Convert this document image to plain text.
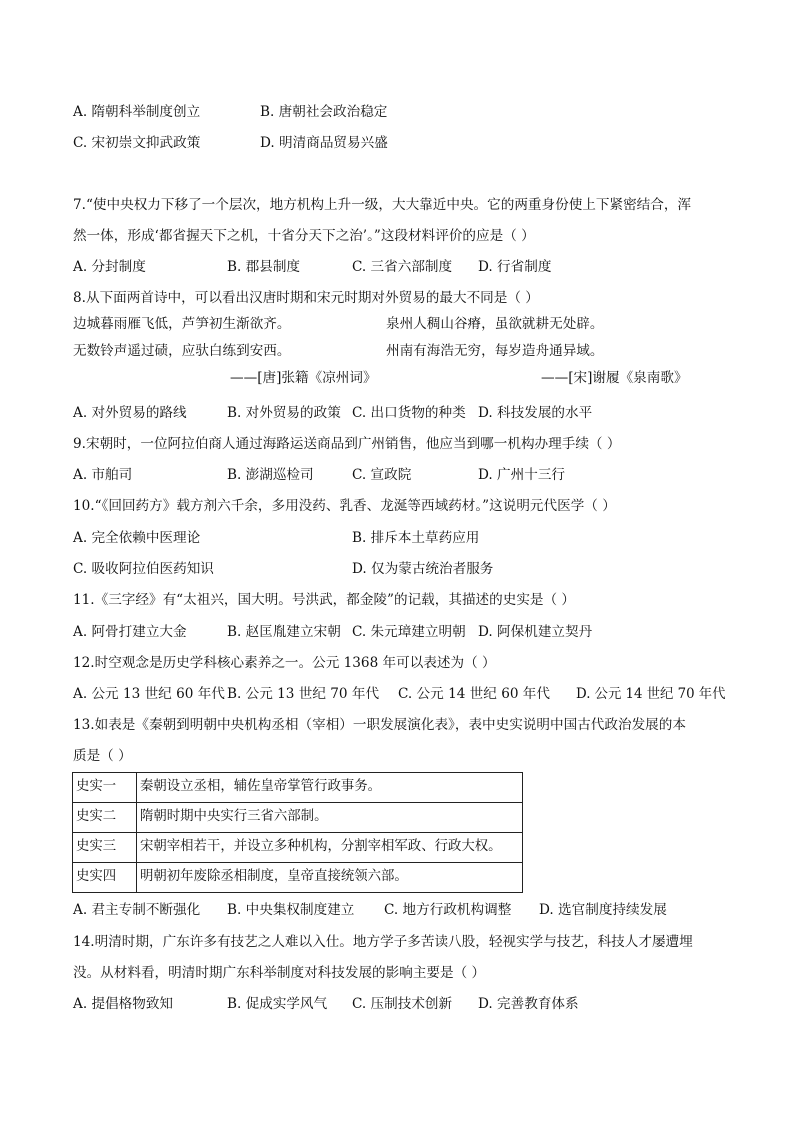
A. 隋朝科举制度创立	B. 唐朝社会政治稳定
C. 宋初崇文抑武政策	D. 明清商品贸易兴盛
7.“使中央权力下移了一个层次，地方机构上升一级，大大靠近中央。它的两重身份使上下紧密结合，浑
然一体，形成‘都省握天下之机，十省分天下之治’。”这段材料评价的应是（ ）
A. 分封制度	B. 郡县制度	C. 三省六部制度 D. 行省制度
8.从下面两首诗中，可以看出汉唐时期和宋元时期对外贸易的最大不同是（ ）
边城暮雨雁飞低，芦笋初生渐欲齐。
无数铃声遥过碛，应驮白练到安西。
泉州人稠山谷瘠，虽欲就耕无处辟。
州南有海浩无穷，每岁造舟通异域。
——[唐]张籍《凉州词》	——[宋]谢履《泉南歌》
A. 对外贸易的路线	B. 对外贸易的政策 C. 出口货物的种类 D. 科技发展的水平
9.宋朝时，一位阿拉伯商人通过海路运送商品到广州销售，他应当到哪一机构办理手续（ ）
A. 市舶司	B. 澎湖巡检司	C. 宣政院	D. 广州十三行
10.“《回回药方》载方剂六千余，多用没药、乳香、龙涎等西域药材。”这说明元代医学（ ）
A. 完全依赖中医理论	B. 排斥本土草药应用
C. 吸收阿拉伯医药知识	D. 仅为蒙古统治者服务
11.《三字经》有“太祖兴，国大明。号洪武，都金陵”的记载，其描述的史实是（ ）
A. 阿骨打建立大金	B. 赵匡胤建立宋朝 C. 朱元璋建立明朝 D. 阿保机建立契丹
12.时空观念是历史学科核心素养之一。公元 1368 年可以表述为（ ）
A. 公元 13 世纪 60 年代 B. 公元 13 世纪 70 年代 C. 公元 14 世纪 60 年代 D. 公元 14 世纪 70 年代
13.如表是《秦朝到明朝中央机构丞相（宰相）一职发展演化表》，表中史实说明中国古代政治发展的本
质是（ ）
史实一	秦朝设立丞相，辅佐皇帝掌管行政事务。
史实二	隋朝时期中央实行三省六部制。
史实三	宋朝宰相若干，并设立多种机构，分割宰相军政、行政大权。
史实四	明朝初年废除丞相制度，皇帝直接统领六部。
A. 君主专制不断强化 B. 中央集权制度建立 C. 地方行政机构调整 D. 选官制度持续发展
14.明清时期，广东许多有技艺之人难以入仕。地方学子多苦读八股，轻视实学与技艺，科技人才屡遭埋
没。从材料看，明清时期广东科举制度对科技发展的影响主要是（ ）
A. 提倡格物致知	B. 促成实学风气 C. 压制技术创新 D. 完善教育体系
